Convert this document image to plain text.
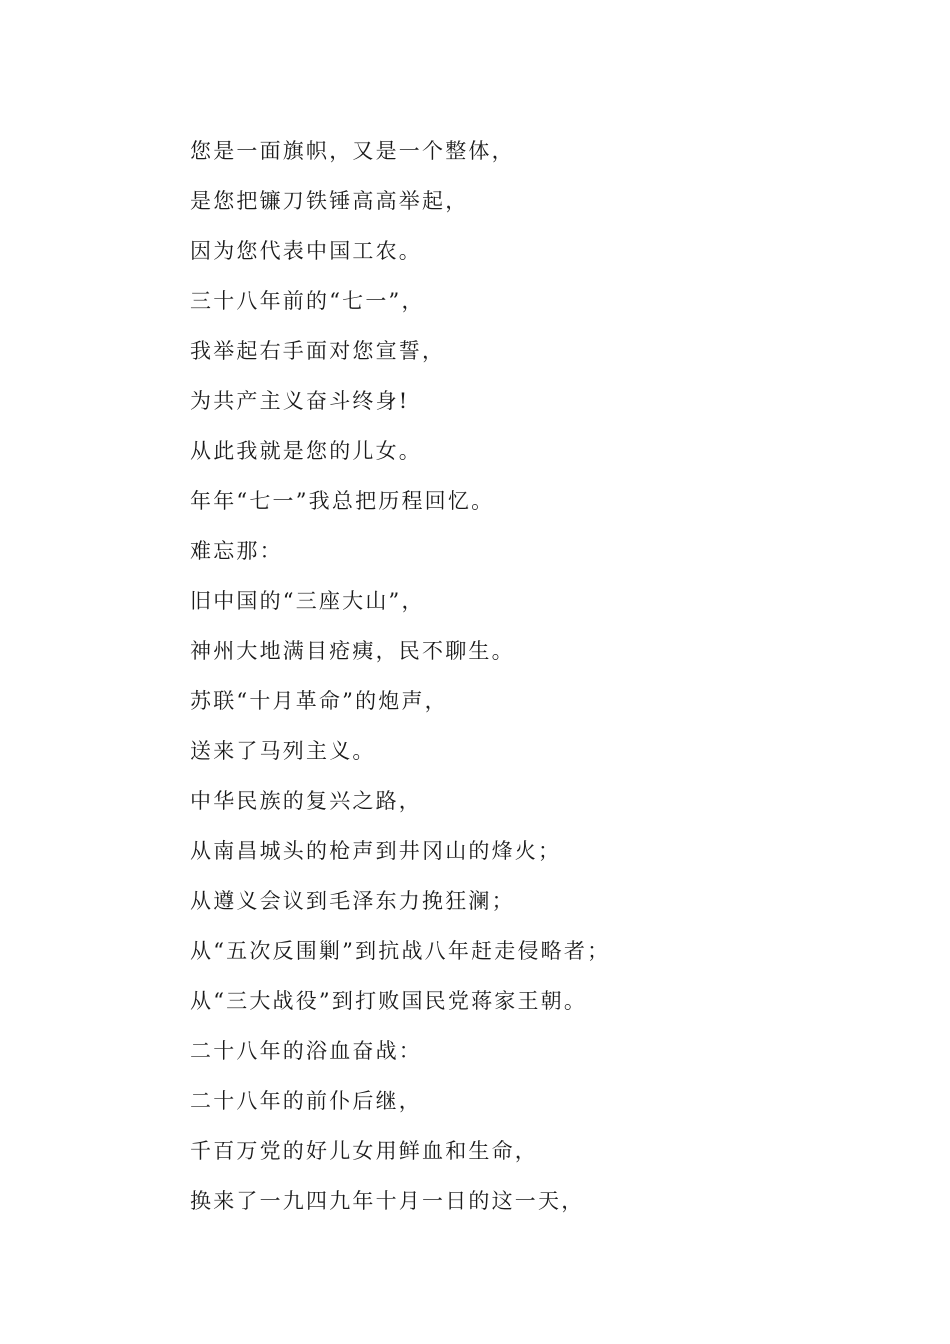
您是一面旗帜，又是一个整体，
是您把镰刀铁锤高高举起，
因为您代表中国工农。
三十八年前的“七一”，
我举起右手面对您宣誓，
为共产主义奋斗终身!
从此我就是您的儿女。
年年“七一”我总把历程回忆。
难忘那：
旧中国的“三座大山”，
神州大地满目疮痍，民不聊生。
苏联“十月革命”的炮声，
送来了马列主义。
中华民族的复兴之路，
从南昌城头的枪声到井冈山的烽火；
从遵义会议到毛泽东力挽狂澜；
从“五次反围剿”到抗战八年赶走侵略者；
从“三大战役”到打败国民党蒋家王朝。
二十八年的浴血奋战：
二十八年的前仆后继，
千百万党的好儿女用鲜血和生命，
换来了一九四九年十月一日的这一天，
